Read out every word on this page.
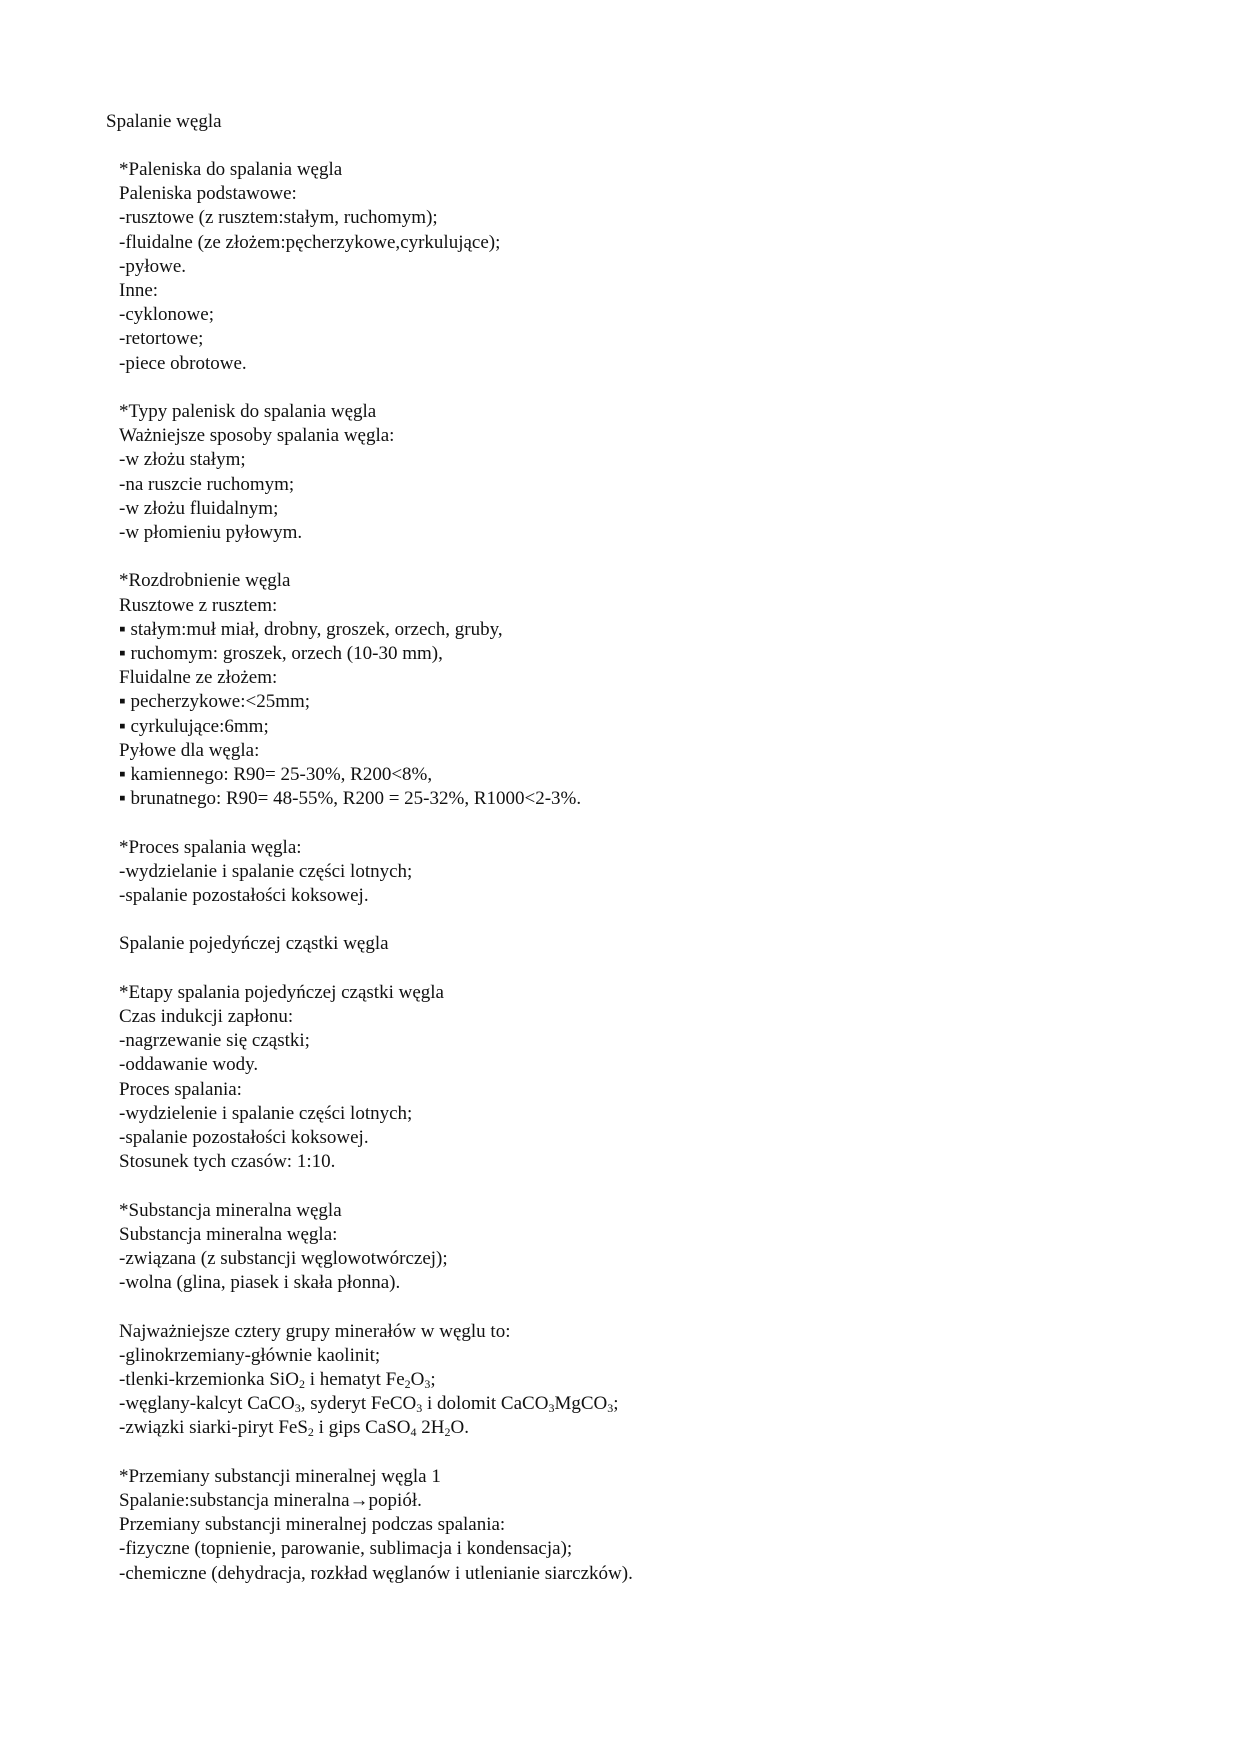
Spalanie węgla
*Paleniska do spalania węgla
Paleniska podstawowe:
-rusztowe (z rusztem:stałym, ruchomym);
-fluidalne (ze złożem:pęcherzykowe,cyrkulujące);
-pyłowe.
Inne:
-cyklonowe;
-retortowe;
-piece obrotowe.
*Typy palenisk do spalania węgla
Ważniejsze sposoby spalania węgla:
-w złożu stałym;
-na ruszcie ruchomym;
-w złożu fluidalnym;
-w płomieniu pyłowym.
*Rozdrobnienie węgla
Rusztowe z rusztem:
▪ stałym:muł miał, drobny, groszek, orzech, gruby,
▪ ruchomym: groszek, orzech (10-30 mm),
Fluidalne ze złożem:
▪ pecherzykowe:<25mm;
▪ cyrkulujące:6mm;
Pyłowe dla węgla:
▪ kamiennego: R90= 25-30%, R200<8%,
▪ brunatnego: R90= 48-55%, R200 = 25-32%, R1000<2-3%.
*Proces spalania węgla:
-wydzielanie i spalanie części lotnych;
-spalanie pozostałości koksowej.
Spalanie pojedyńczej cząstki węgla
*Etapy spalania pojedyńczej cząstki węgla
Czas indukcji zapłonu:
-nagrzewanie się cząstki;
-oddawanie wody.
Proces spalania:
-wydzielenie i spalanie części lotnych;
-spalanie pozostałości koksowej.
Stosunek tych czasów: 1:10.
*Substancja mineralna węgla
Substancja mineralna węgla:
-związana (z substancji węglowotwórczej);
-wolna (glina, piasek i skała płonna).
Najważniejsze cztery grupy minerałów w węglu to:
-glinokrzemiany-głównie kaolinit;
-tlenki-krzemionka SiO$_2$ i hematyt $Fe_2O_3$;
-węglany-kalcyt CaCO$_3$, syderyt FeCO$_3$ i dolomit CaCO$_3$MgCO$_3$;
-związki siarki-piryt FeS$_2$ i gips CaSO$_4$ $2H_2O$.
*Przemiany substancji mineralnej węgla 1
Spalanie:substancja mineralna→popiół.
Przemiany substancji mineralnej podczas spalania:
-fizyczne (topnienie, parowanie, sublimacja i kondensacja);
-chemiczne (dehydracja, rozkład węglanów i utlenianie siarczków).
